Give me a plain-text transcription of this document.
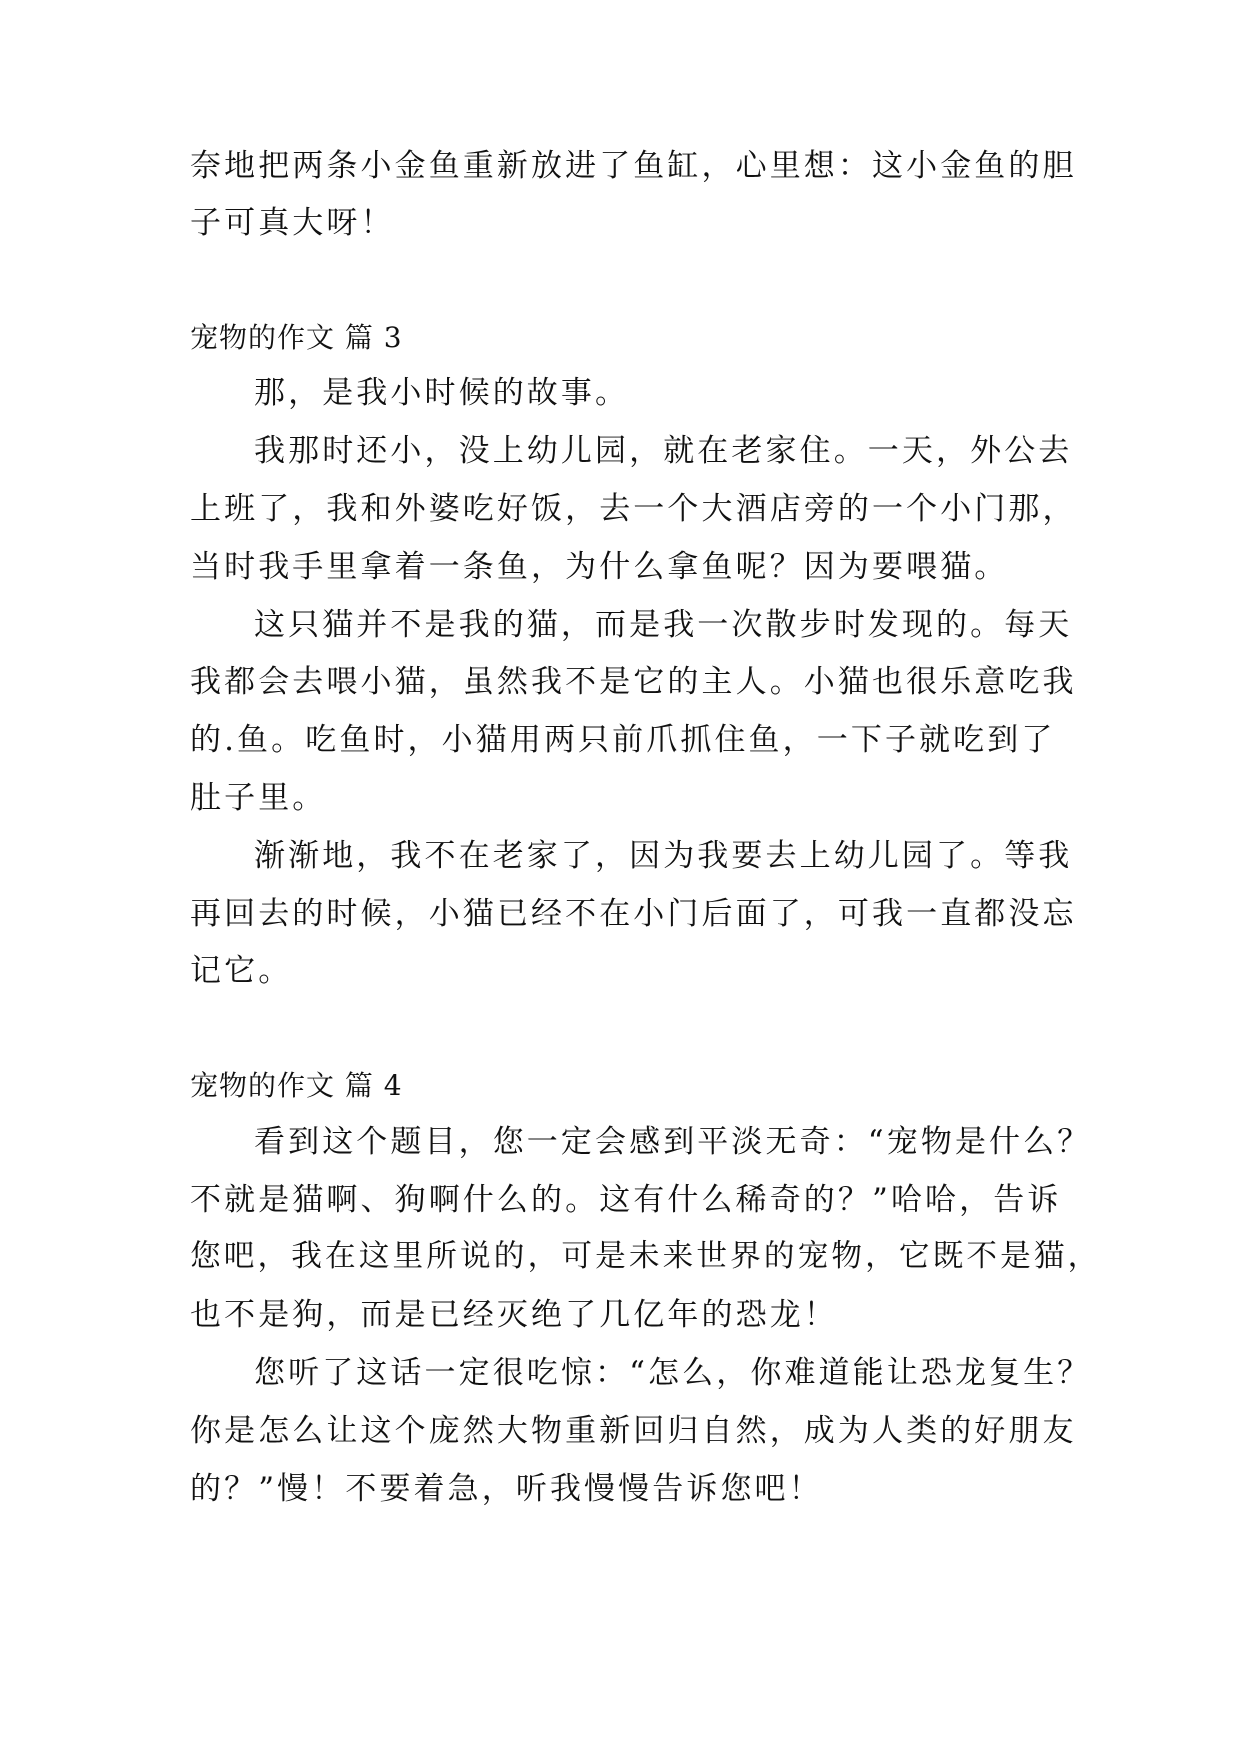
奈地把两条小金鱼重新放进了鱼缸，心里想：这小金鱼的胆
子可真大呀！
宠物的作文 篇 3
那，是我小时候的故事。
我那时还小，没上幼儿园，就在老家住。一天，外公去
上班了，我和外婆吃好饭，去一个大酒店旁的一个小门那，
当时我手里拿着一条鱼，为什么拿鱼呢？因为要喂猫。
这只猫并不是我的猫，而是我一次散步时发现的。每天
我都会去喂小猫，虽然我不是它的主人。小猫也很乐意吃我
的.鱼。吃鱼时，小猫用两只前爪抓住鱼，一下子就吃到了
肚子里。
渐渐地，我不在老家了，因为我要去上幼儿园了。等我
再回去的时候，小猫已经不在小门后面了，可我一直都没忘
记它。
宠物的作文 篇 4
看到这个题目，您一定会感到平淡无奇：“宠物是什么？
不就是猫啊、狗啊什么的。这有什么稀奇的？”哈哈，告诉
您吧，我在这里所说的，可是未来世界的宠物，它既不是猫，
也不是狗，而是已经灭绝了几亿年的恐龙！
您听了这话一定很吃惊：“怎么，你难道能让恐龙复生？
你是怎么让这个庞然大物重新回归自然，成为人类的好朋友
的？”慢！不要着急，听我慢慢告诉您吧！
